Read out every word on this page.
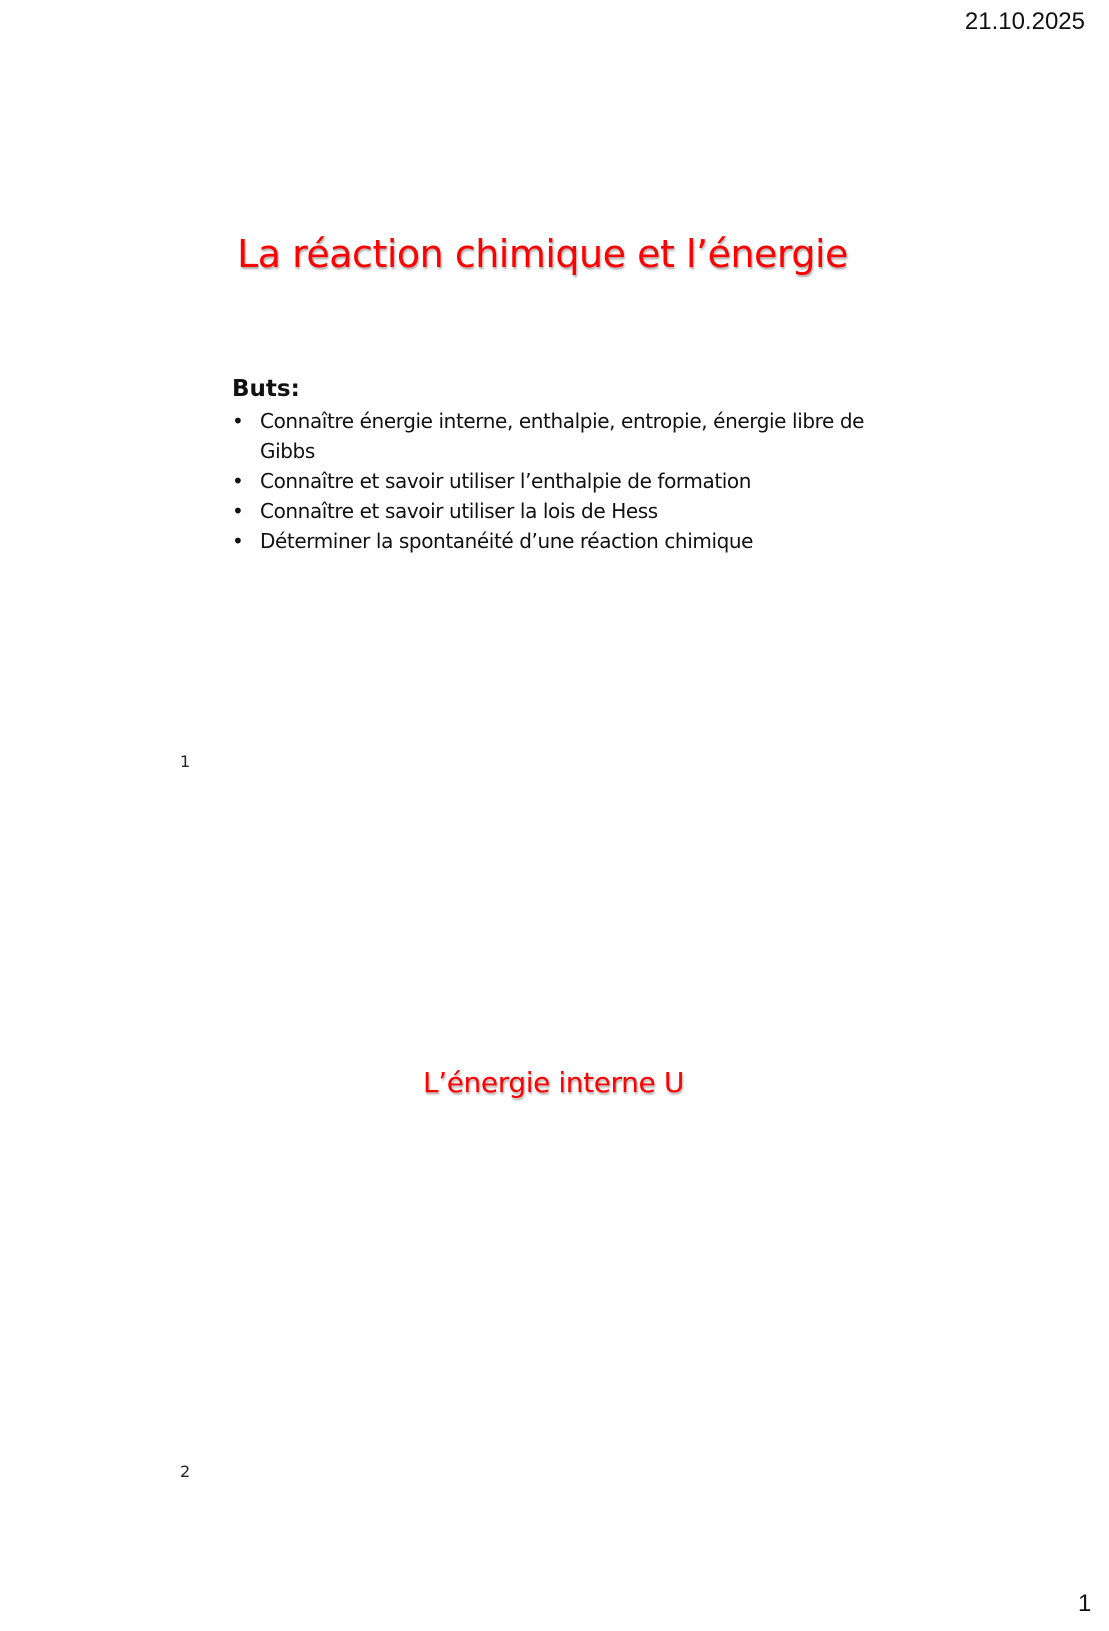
21.10.2025
La réaction chimique et l’énergie
Buts:
• Connaître énergie interne, enthalpie, entropie, énergie libre de Gibbs
• Connaître et savoir utiliser l’enthalpie de formation
• Connaître et savoir utiliser la lois de Hess
• Déterminer la spontanéité d’une réaction chimique
1
L’énergie interne U
2
1
